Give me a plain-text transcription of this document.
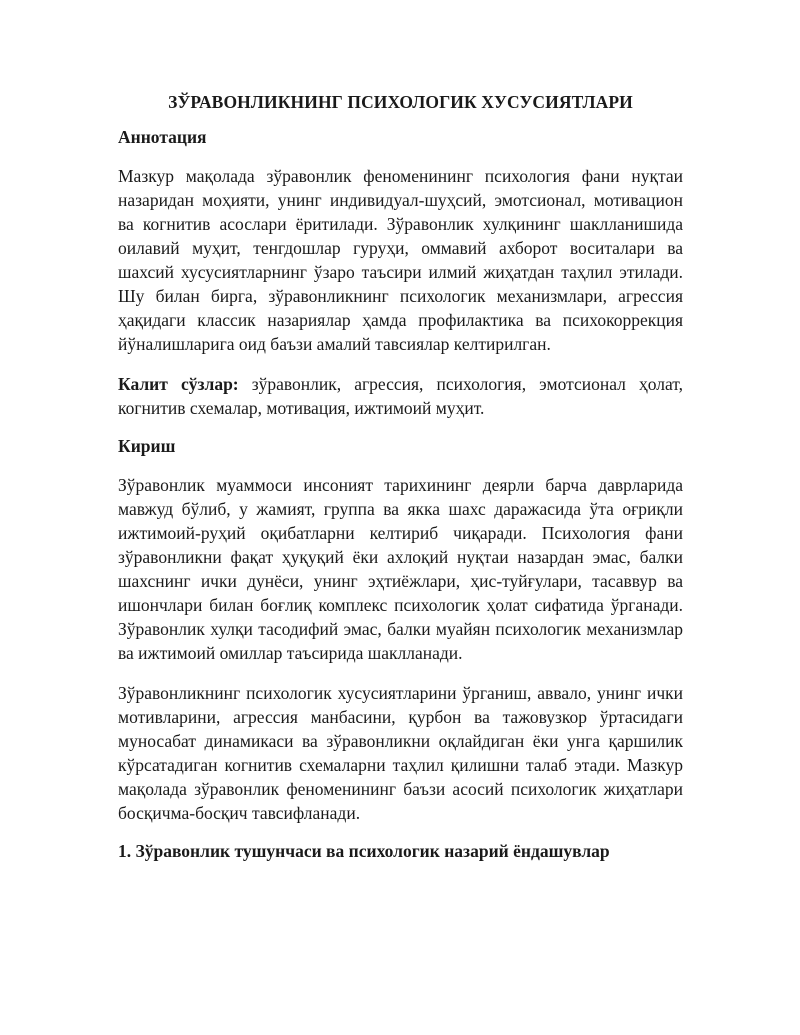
ЗЎРАВОНЛИКНИНГ ПСИХОЛОГИК ХУСУСИЯТЛАРИ
Аннотация

Мазкур мақолада зўравонлик феноменининг психология фани нуқтаи назаридан моҳияти, унинг индивидуал-шуҳсий, эмотсионал, мотивацион ва когнитив асослари ёритилади. Зўравонлик хулқининг шаклланишида оилавий муҳит, тенгдошлар гуруҳи, оммавий ахборот воситалари ва шахсий хусусиятларнинг ўзаро таъсири илмий жиҳатдан таҳлил этилади. Шу билан бирга, зўравонликнинг психологик механизмлари, агрессия ҳақидаги классик назариялар ҳамда профилактика ва психокоррекция йўналишларига оид баъзи амалий тавсиялар келтирилган.

Калит сўзлар: зўравонлик, агрессия, психология, эмотсионал ҳолат, когнитив схемалар, мотивация, ижтимоий муҳит.

Кириш

Зўравонлик муаммоси инсоният тарихининг деярли барча даврларида мавжуд бўлиб, у жамият, группа ва якка шахс даражасида ўта оғриқли ижтимоий-руҳий оқибатларни келтириб чиқаради. Психология фани зўравонликни фақат ҳуқуқий ёки ахлоқий нуқтаи назардан эмас, балки шахснинг ички дунёси, унинг эҳтиёжлари, ҳис-туйғулари, тасаввур ва ишончлари билан боғлиқ комплекс психологик ҳолат сифатида ўрганади. Зўравонлик хулқи тасодифий эмас, балки муайян психологик механизмлар ва ижтимоий омиллар таъсирида шаклланади.

Зўравонликнинг психологик хусусиятларини ўрганиш, аввало, унинг ички мотивларини, агрессия манбасини, қурбон ва тажовузкор ўртасидаги муносабат динамикаси ва зўравонликни оқлайдиган ёки унга қаршилик кўрсатадиган когнитив схемаларни таҳлил қилишни талаб этади. Мазкур мақолада зўравонлик феноменининг баъзи асосий психологик жиҳатлари босқичма-босқич тавсифланади.

1. Зўравонлик тушунчаси ва психологик назарий ёндашувлар
